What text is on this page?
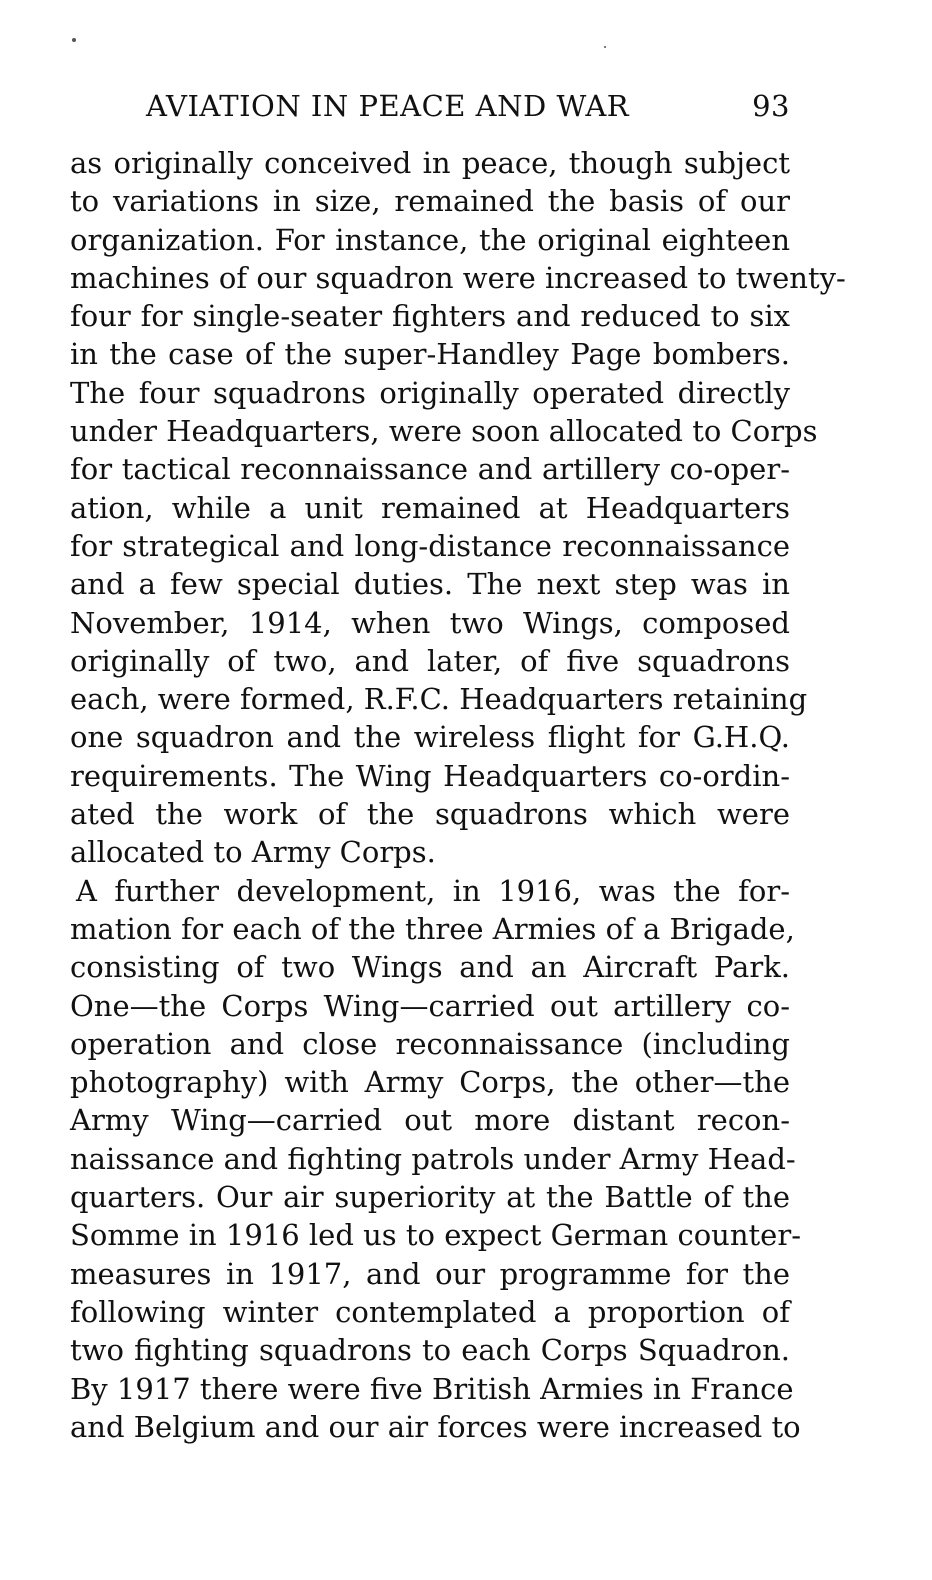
AVIATION IN PEACE AND WAR	93
as originally conceived in peace, though subject
to variations in size, remained the basis of our
organization. For instance, the original eighteen
machines of our squadron were increased to twenty-
four for single-seater fighters and reduced to six
in the case of the super-Handley Page bombers.
The four squadrons originally operated directly
under Headquarters, were soon allocated to Corps
for tactical reconnaissance and artillery co-oper-
ation, while a unit remained at Headquarters
for strategical and long-distance reconnaissance
and a few special duties. The next step was in
November, 1914, when two Wings, composed
originally of two, and later, of five squadrons
each, were formed, R.F.C. Headquarters retaining
one squadron and the wireless flight for G.H.Q.
requirements. The Wing Headquarters co-ordin-
ated the work of the squadrons which were
allocated to Army Corps.
A further development, in 1916, was the for-
mation for each of the three Armies of a Brigade,
consisting of two Wings and an Aircraft Park.
One—the Corps Wing—carried out artillery co-
operation and close reconnaissance (including
photography) with Army Corps, the other—the
Army Wing—carried out more distant recon-
naissance and fighting patrols under Army Head-
quarters. Our air superiority at the Battle of the
Somme in 1916 led us to expect German counter-
measures in 1917, and our programme for the
following winter contemplated a proportion of
two fighting squadrons to each Corps Squadron.
By 1917 there were five British Armies in France
and Belgium and our air forces were increased to
